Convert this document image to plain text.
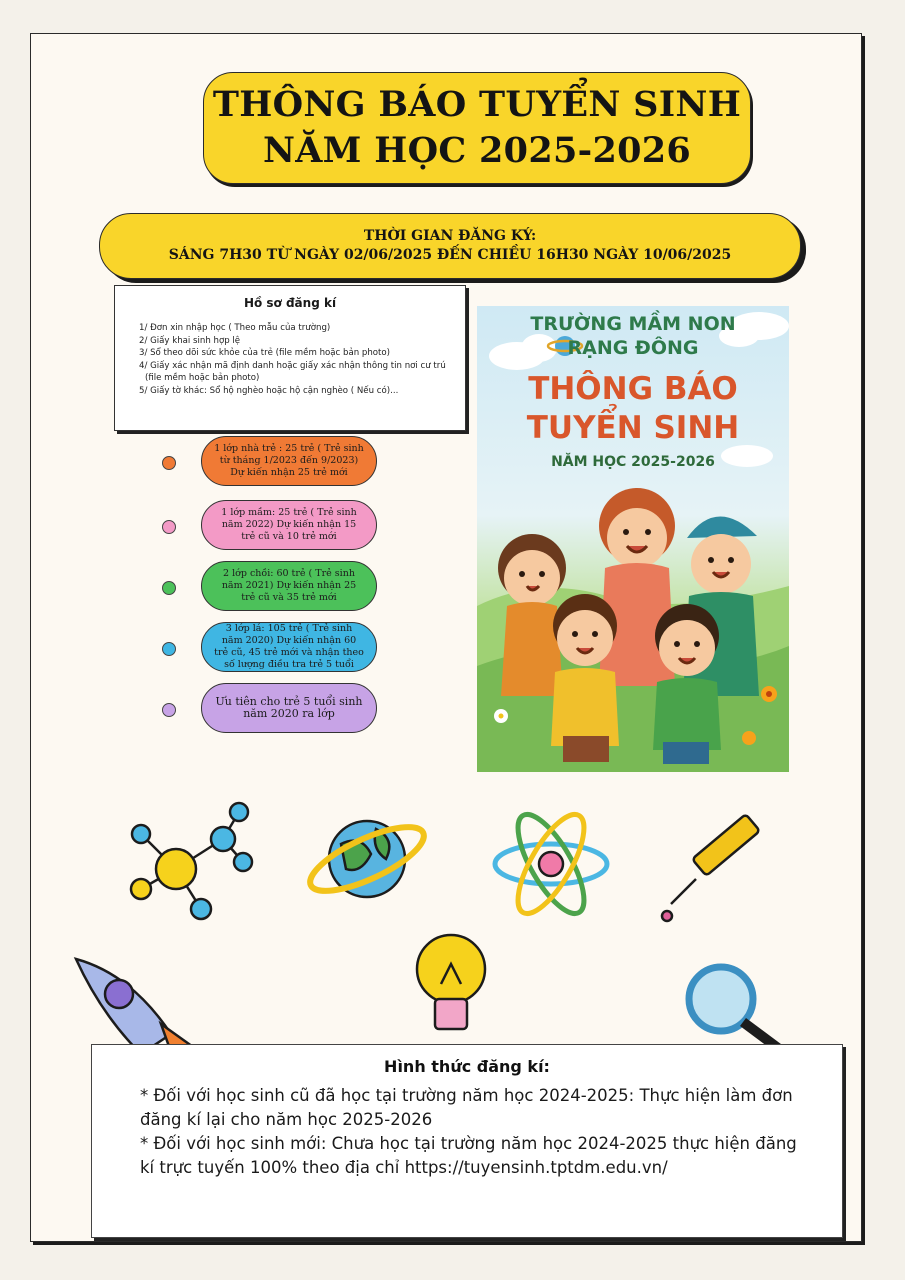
THÔNG BÁO TUYỂN SINH
NĂM HỌC 2025-2026
THỜI GIAN ĐĂNG KÝ:
SÁNG 7H30 TỪ NGÀY 02/06/2025 ĐẾN CHIỀU 16H30 NGÀY 10/06/2025
Hồ sơ đăng kí
1/ Đơn xin nhập học ( Theo mẫu của trường)
2/ Giấy khai sinh hợp lệ
3/ Sổ theo dõi sức khỏe của trẻ (file mềm hoặc bản photo)
4/ Giấy xác nhận mã định danh hoặc giấy xác nhận thông tin nơi cư trú (file mềm hoặc bản photo)
5/ Giấy tờ khác: Sổ hộ nghèo hoặc hộ cận nghèo ( Nếu có)...
1 lớp nhà trẻ : 25 trẻ ( Trẻ sinh từ tháng 1/2023 đến 9/2023) Dự kiến nhận 25 trẻ mới
1 lớp mầm: 25 trẻ ( Trẻ sinh năm 2022) Dự kiến nhận 15 trẻ cũ và 10 trẻ mới
2 lớp chồi: 60 trẻ ( Trẻ sinh năm 2021) Dự kiến nhận 25 trẻ cũ và 35 trẻ mới
3 lớp lá: 105 trẻ ( Trẻ sinh năm 2020) Dự kiến nhận 60 trẻ cũ, 45 trẻ mới và nhận theo số lượng điều tra trẻ 5 tuổi
Ưu tiên cho trẻ 5 tuổi sinh năm 2020 ra lớp
TRƯỜNG MẦM NON
RẠNG ĐÔNG
THÔNG BÁO
TUYỂN SINH
NĂM HỌC 2025-2026
Hình thức đăng kí:
* Đối với học sinh cũ đã học tại trường năm học 2024-2025: Thực hiện làm đơn đăng kí lại cho năm học 2025-2026
* Đối với học sinh mới: Chưa học tại trường năm học 2024-2025 thực hiện đăng kí trực tuyến 100% theo địa chỉ https://tuyensinh.tptdm.edu.vn/
